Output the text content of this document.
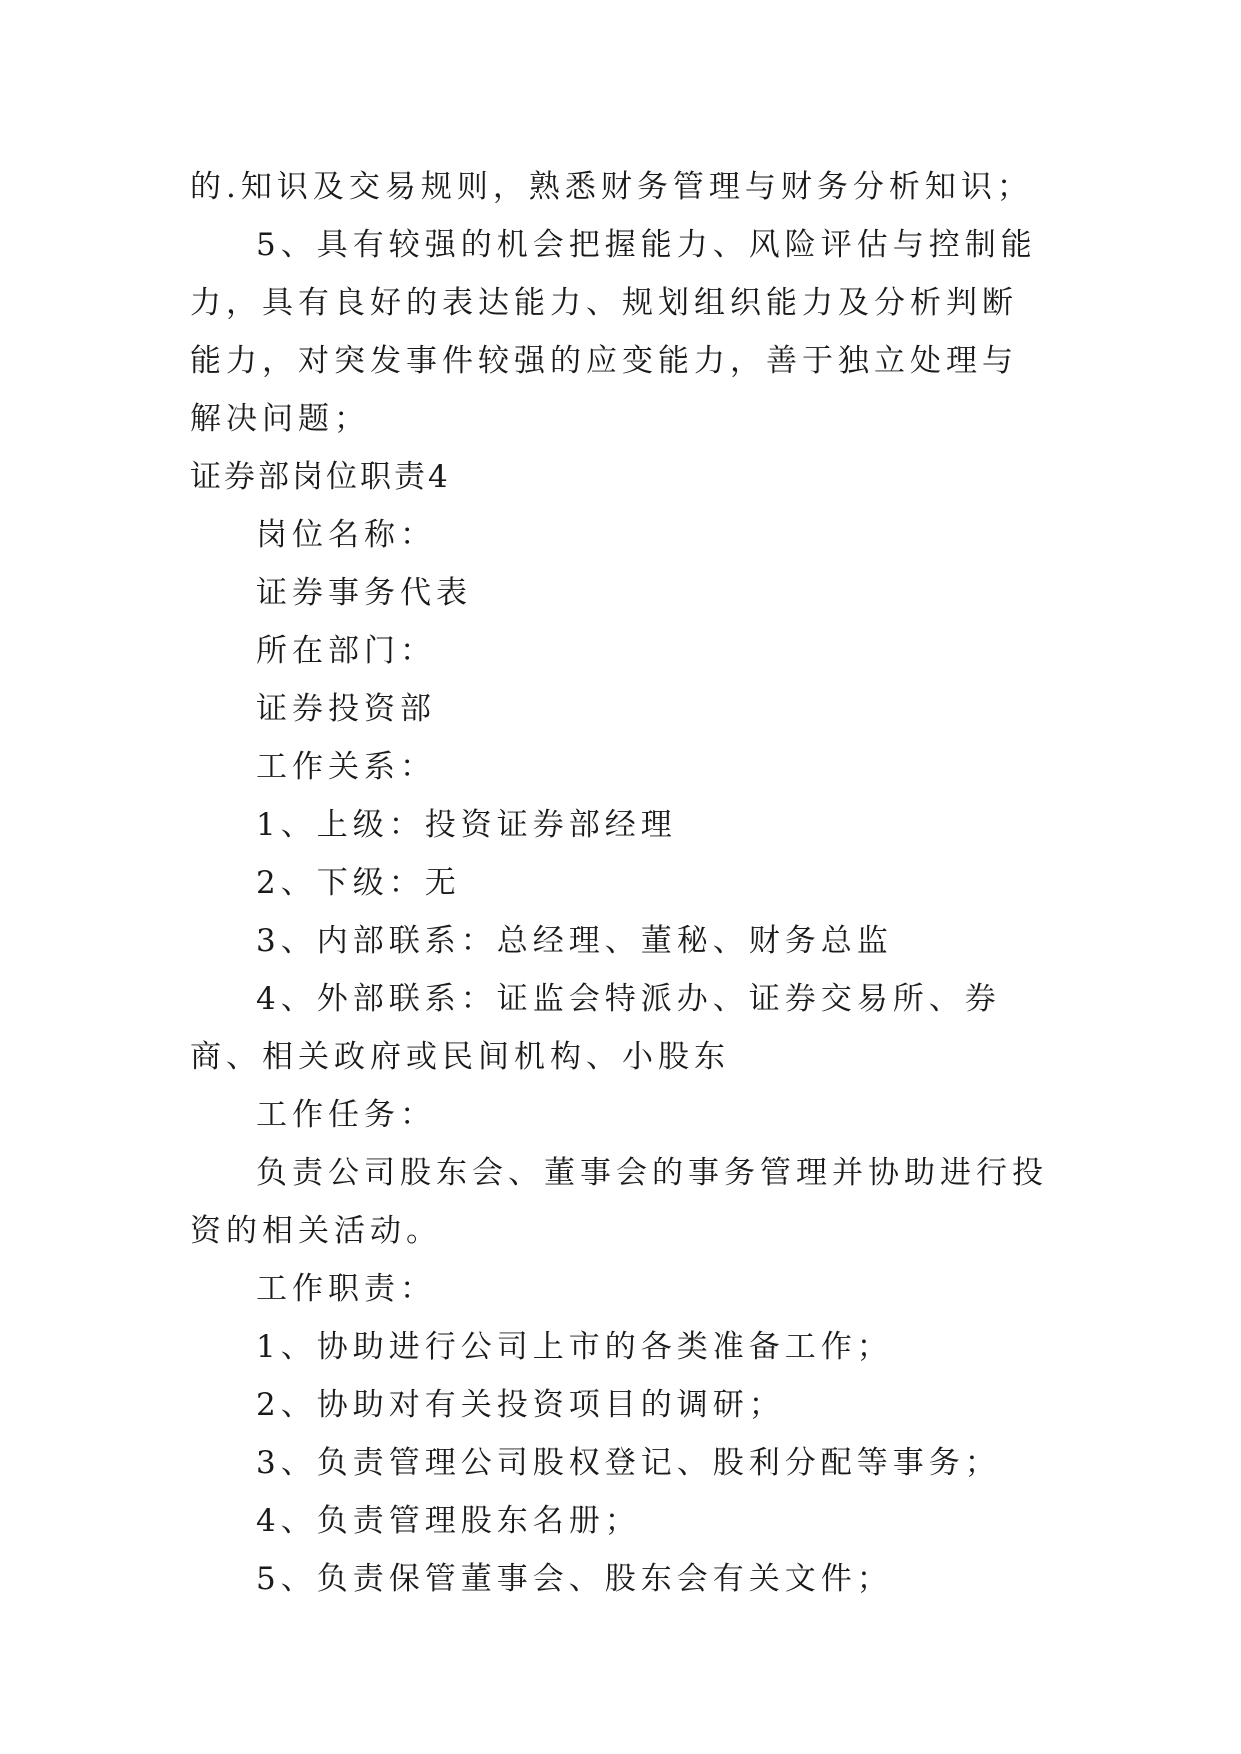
的.知识及交易规则，熟悉财务管理与财务分析知识；

5、具有较强的机会把握能力、风险评估与控制能力，具有良好的表达能力、规划组织能力及分析判断能力，对突发事件较强的应变能力，善于独立处理与解决问题；

证券部岗位职责4

岗位名称：

证券事务代表

所在部门：

证券投资部

工作关系：

1、上级：投资证券部经理

2、下级：无

3、内部联系：总经理、董秘、财务总监

4、外部联系：证监会特派办、证券交易所、券商、相关政府或民间机构、小股东

工作任务：

负责公司股东会、董事会的事务管理并协助进行投资的相关活动。

工作职责：

1、协助进行公司上市的各类准备工作；

2、协助对有关投资项目的调研；

3、负责管理公司股权登记、股利分配等事务；

4、负责管理股东名册；

5、负责保管董事会、股东会有关文件；
